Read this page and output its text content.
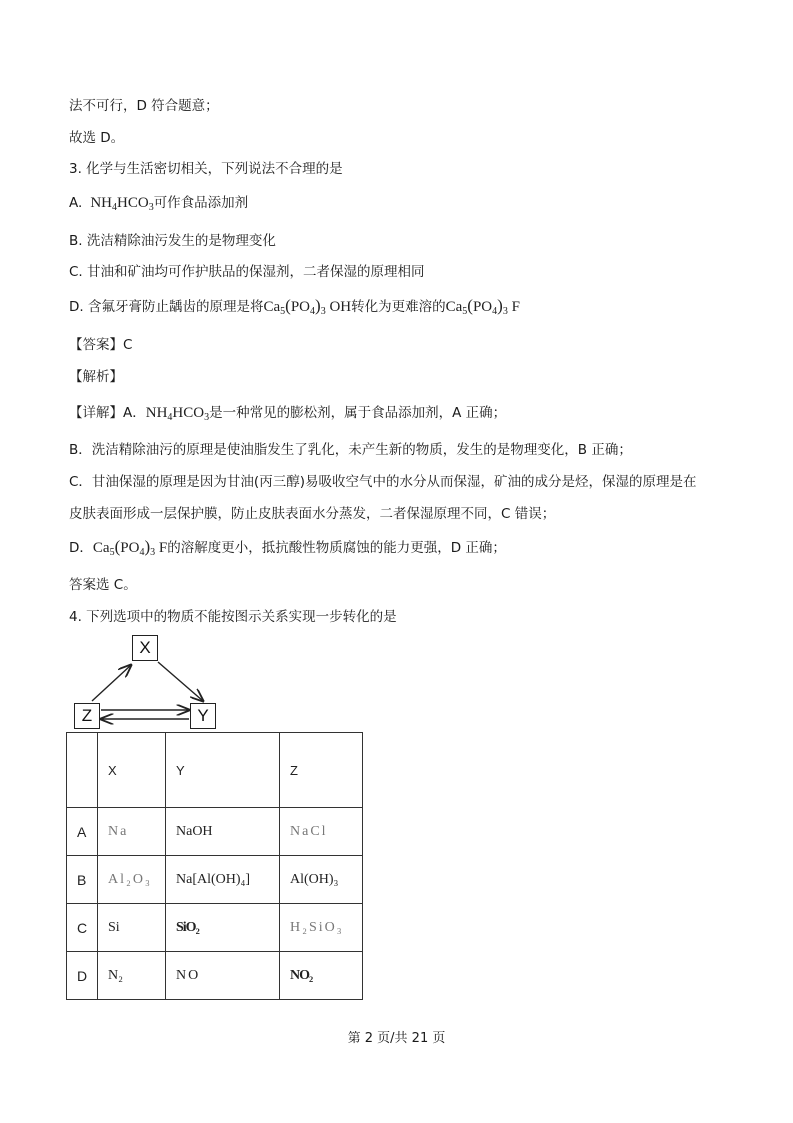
法不可行，D 符合题意；
故选 D。
3. 化学与生活密切相关，下列说法不合理的是
A.  $NH_4HCO_3$可作食品添加剂
B. 洗洁精除油污发生的是物理变化
C. 甘油和矿油均可作护肤品的保湿剂，二者保湿的原理相同
D. 含氟牙膏防止龋齿的原理是将$Ca_5(PO_4)_3$ OH转化为更难溶的$Ca_5(PO_4)_3$ F
【答案】C
【解析】
【详解】A．$NH_4HCO_3$是一种常见的膨松剂，属于食品添加剂，A 正确；
B．洗洁精除油污的原理是使油脂发生了乳化，未产生新的物质，发生的是物理变化，B 正确；
C．甘油保湿的原理是因为甘油(丙三醇)易吸收空气中的水分从而保湿，矿油的成分是烃，保湿的原理是在
皮肤表面形成一层保护膜，防止皮肤表面水分蒸发，二者保湿原理不同，C 错误；
D．$Ca_5(PO_4)_3$ F的溶解度更小，抵抗酸性物质腐蚀的能力更强，D 正确；
答案选 C。
4. 下列选项中的物质不能按图示关系实现一步转化的是
X
Z	Y
	X	Y	Z
A	Na	NaOH	NaCl
B	Al₂O₃	Na[Al(OH)₄]	Al(OH)₃
C	Si	SiO₂	H₂SiO₃
D	N₂	NO	NO₂
第 2 页/共 21 页
